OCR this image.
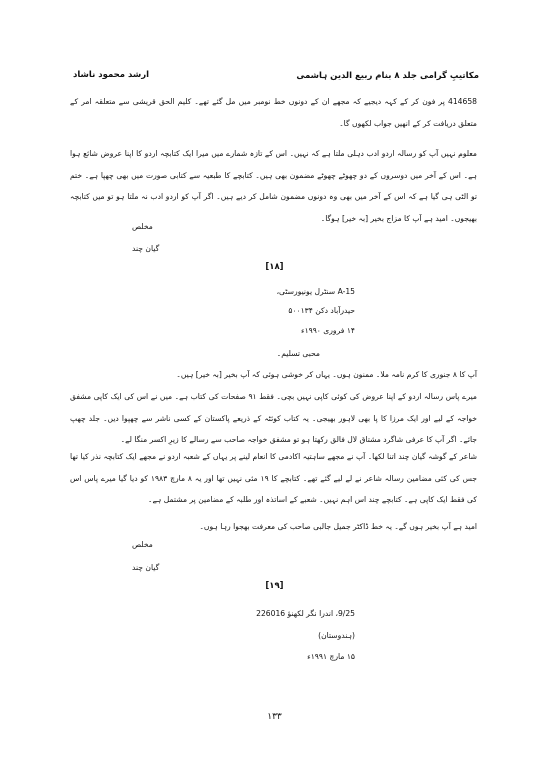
مکاتیبِ گرامی جلد ۸ بنام ربیع الدین ہاشمی
ارشد محمود ناشاد
414658 پر فون کر کے کہہ دیجیے کہ مجھے ان کے دونوں خط نومبر میں مل گئے تھے۔ کلیم الحق قریشی سے متعلقہ امر کے متعلق دریافت کر کے انھیں جواب لکھوں گا۔
معلوم نہیں آپ کو رسالہ اردو ادب دہلی ملتا ہے کہ نہیں۔ اس کے تازہ شمارے میں میرا ایک کتابچہ اردو کا اپنا عروض شائع ہوا ہے۔ اس کے آخر میں دوسروں کے دو چھوٹے چھوٹے مضمون بھی ہیں۔ کتابچے کا طبعیہ سے کتابی صورت میں بھی چھپا ہے۔ ختم تو الٹی ہی گیا ہے کہ اس کے آخر میں بھی وہ دونوں مضمون شامل کر دیے ہیں۔ اگر آپ کو اردو ادب نہ ملتا ہو تو میں کتابچہ بھیجوں۔ امید ہے آپ کا مزاج بخیر [بہ خیر] ہوگا۔
مخلص
گیان چند
[۱۸]
A-15 سنٹرل یونیورسٹی،
حیدرآباد دکن ۵۰۰۱۳۴
۱۴ فروری ۱۹۹۰ء
محبی تسلیم۔
آپ کا ۸ جنوری کا کرم نامہ ملا۔ ممنون ہوں۔ یہاں کر خوشی ہوئی کہ آپ بخیر [بہ خیر] ہیں۔
میرے پاس رسالہ اردو کے اپنا عروض کی کوئی کاپی نہیں بچی۔ فقط ۹۱ صفحات کی کتاب ہے۔ میں نے اس کی ایک کاپی مشفق خواجہ کے لیے اور ایک مرزا کا پا بھی لاہور بھیجی۔ یہ کتاب کوئٹہ کے ذریعے پاکستان کے کسی ناشر سے چھپوا دیں۔ جلد چھپ جائے۔ اگر آپ کا عرفی شاگرد مشتاق لال فالق رکھتا ہو تو مشفق خواجہ صاحب سے رسالے کا زیرِ اکسر منگا لے۔
شاعر کے گوشہ گیان چند اتنا لکھا۔ آپ نے مجھے ساہتیہ اکادمی کا انعام لینے پر یہاں کے شعبہ اردو نے مجھے ایک کتابچہ نذر کیا تھا جس کی کئی مضامین رسالہ شاعر نے لے لیے گئے تھے۔ کتابچے کا ۱۹ مئی نہیں تھا اور یہ ۸ مارچ ۱۹۸۳ کو دیا گیا میرے پاس اس کی فقط ایک کاپی ہے۔ کتابچے چند اس اہم نہیں۔ شعبے کے اساتذہ اور طلبہ کے مضامین پر مشتمل ہے۔
امید ہے آپ بخیر ہوں گے۔ یہ خط ڈاکٹر جمیل جالبی صاحب کی معرفت بھجوا رہا ہوں۔
مخلص
گیان چند
[۱۹]
9/25، اندرا نگر لکھنؤ 226016
(ہندوستان)
۱۵ مارچ ۱۹۹۱ء
۱۳۳
